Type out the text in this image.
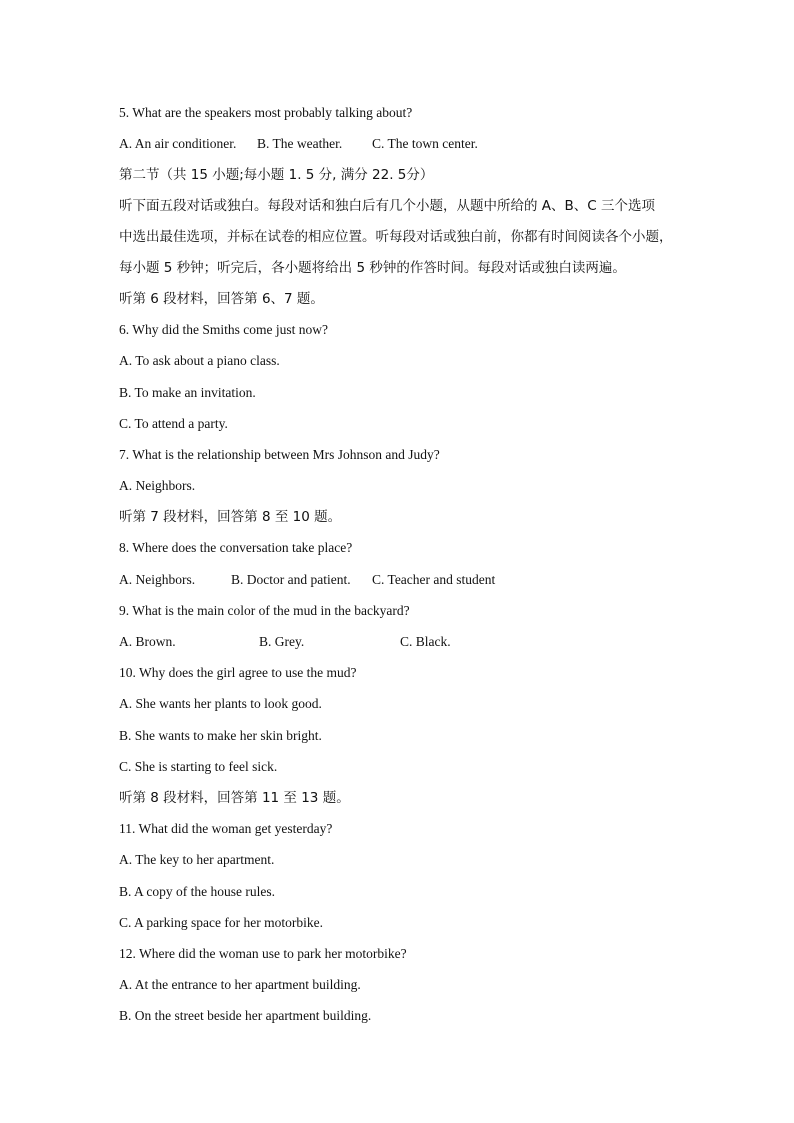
5. What are the speakers most probably talking about?
A. An air conditioner. B. The weather. C. The town center.
第二节（共 15 小题;每小题 1. 5 分, 满分 22. 5分）
听下面五段对话或独白。每段对话和独白后有几个小题，从题中所给的 A、B、C 三个选项
中选出最佳选项，并标在试卷的相应位置。听每段对话或独白前，你都有时间阅读各个小题，
每小题 5 秒钟；听完后，各小题将给出 5 秒钟的作答时间。每段对话或独白读两遍。
听第 6 段材料，回答第 6、7 题。
6. Why did the Smiths come just now?
A. To ask about a piano class.
B. To make an invitation.
C. To attend a party.
7. What is the relationship between Mrs Johnson and Judy?
A. Neighbors.
听第 7 段材料，回答第 8 至 10 题。
8. Where does the conversation take place?
A. Neighbors.	B. Doctor and patient. C. Teacher and student
9. What is the main color of the mud in the backyard?
A. Brown.	B. Grey.	C. Black.
10. Why does the girl agree to use the mud?
A. She wants her plants to look good.
B. She wants to make her skin bright.
C. She is starting to feel sick.
听第 8 段材料，回答第 11 至 13 题。
11. What did the woman get yesterday?
A. The key to her apartment.
B. A copy of the house rules.
C. A parking space for her motorbike.
12. Where did the woman use to park her motorbike?
A. At the entrance to her apartment building.
B. On the street beside her apartment building.
